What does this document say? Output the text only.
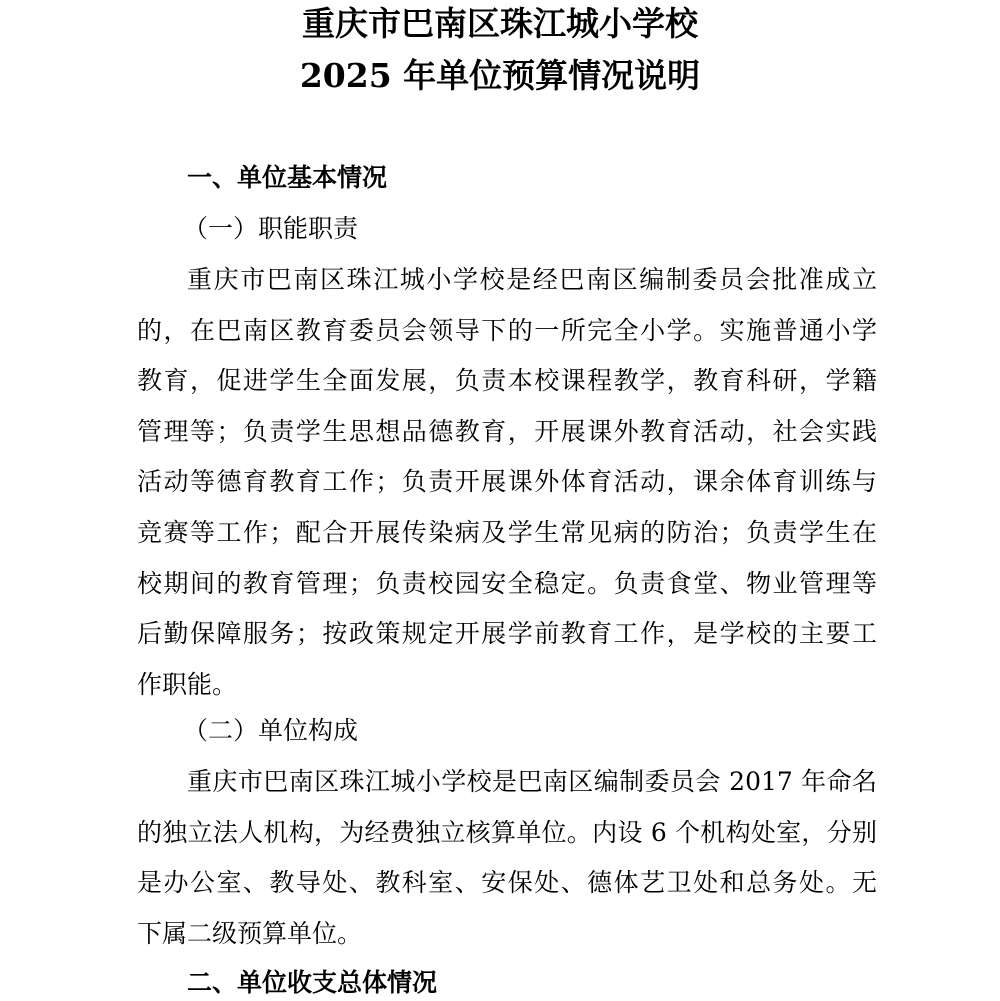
重庆市巴南区珠江城小学校
2025 年单位预算情况说明
一、单位基本情况
（一）职能职责
重庆市巴南区珠江城小学校是经巴南区编制委员会批准成立
的，在巴南区教育委员会领导下的一所完全小学。实施普通小学
教育，促进学生全面发展，负责本校课程教学，教育科研，学籍
管理等；负责学生思想品德教育，开展课外教育活动，社会实践
活动等德育教育工作；负责开展课外体育活动，课余体育训练与
竞赛等工作；配合开展传染病及学生常见病的防治；负责学生在
校期间的教育管理；负责校园安全稳定。负责食堂、物业管理等
后勤保障服务；按政策规定开展学前教育工作，是学校的主要工
作职能。
（二）单位构成
重庆市巴南区珠江城小学校是巴南区编制委员会 2017 年命名
的独立法人机构，为经费独立核算单位。内设 6 个机构处室，分别
是办公室、教导处、教科室、安保处、德体艺卫处和总务处。无
下属二级预算单位。
二、单位收支总体情况
